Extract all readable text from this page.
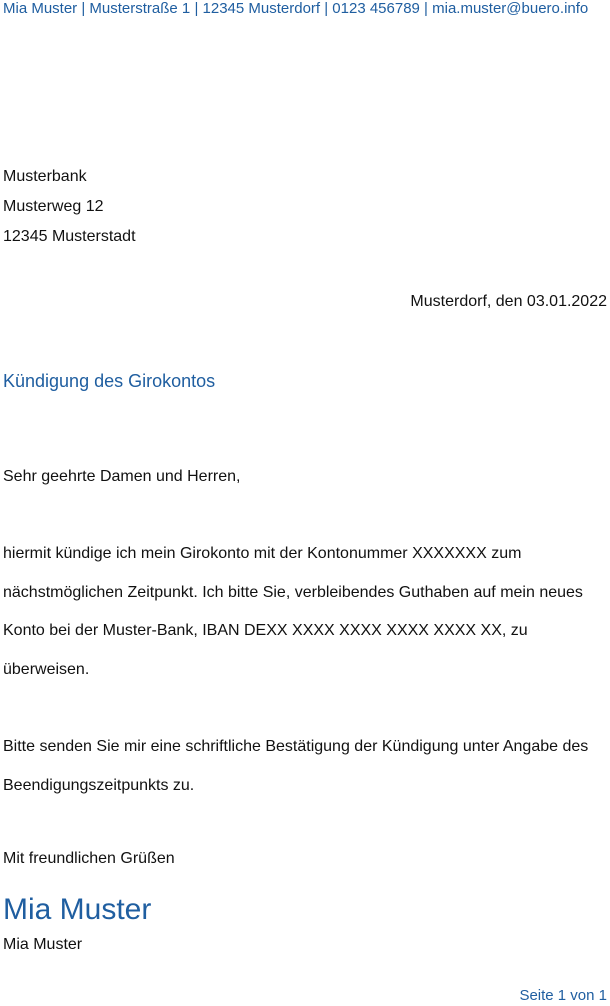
Mia Muster | Musterstraße 1 | 12345 Musterdorf | 0123 456789 | mia.muster@buero.info
Musterbank
Musterweg 12
12345 Musterstadt
Musterdorf, den 03.01.2022
Kündigung des Girokontos
Sehr geehrte Damen und Herren,
hiermit kündige ich mein Girokonto mit der Kontonummer XXXXXXX zum
nächstmöglichen Zeitpunkt. Ich bitte Sie, verbleibendes Guthaben auf mein neues
Konto bei der Muster-Bank, IBAN DEXX XXXX XXXX XXXX XXXX XX, zu
überweisen.
Bitte senden Sie mir eine schriftliche Bestätigung der Kündigung unter Angabe des
Beendigungszeitpunkts zu.
Mit freundlichen Grüßen
Mia Muster
Mia Muster
Seite 1 von 1
